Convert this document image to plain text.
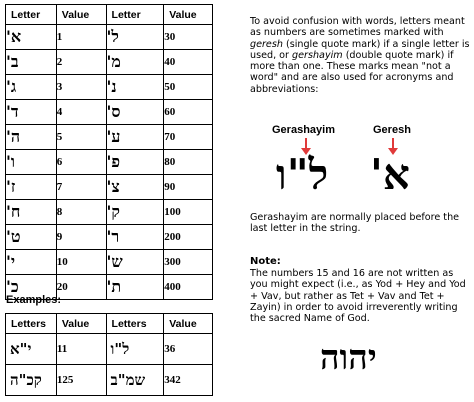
Letter	Value	Letter	Value
א'	1	ל'	30
ב'	2	מ'	40
ג'	3	נ'	50
ד'	4	ס'	60
ה'	5	ע'	70
ו'	6	פ'	80
ז'	7	צ'	90
ח'	8	ק'	100
ט'	9	ר'	200
י'	10	ש'	300
כ'	20	ת'	400
Examples:
Letters	Value	Letters	Value
י"א	11	ל"ו	36
קכ"ה	125	שמ"ב	342
To avoid confusion with words, letters meant as numbers are sometimes marked with geresh (single quote mark) if a single letter is used, or gershayim (double quote mark) if more than one. These marks mean "not a word" and are also used for acronyms and abbreviations:
Gerashayim	Geresh
ל"ו א'
Gerashayim are normally placed before the last letter in the string.
Note:
The numbers 15 and 16 are not written as you might expect (i.e., as Yod + Hey and Yod + Vav, but rather as Tet + Vav and Tet + Zayin) in order to avoid irreverently writing the sacred Name of God.
יהוה
